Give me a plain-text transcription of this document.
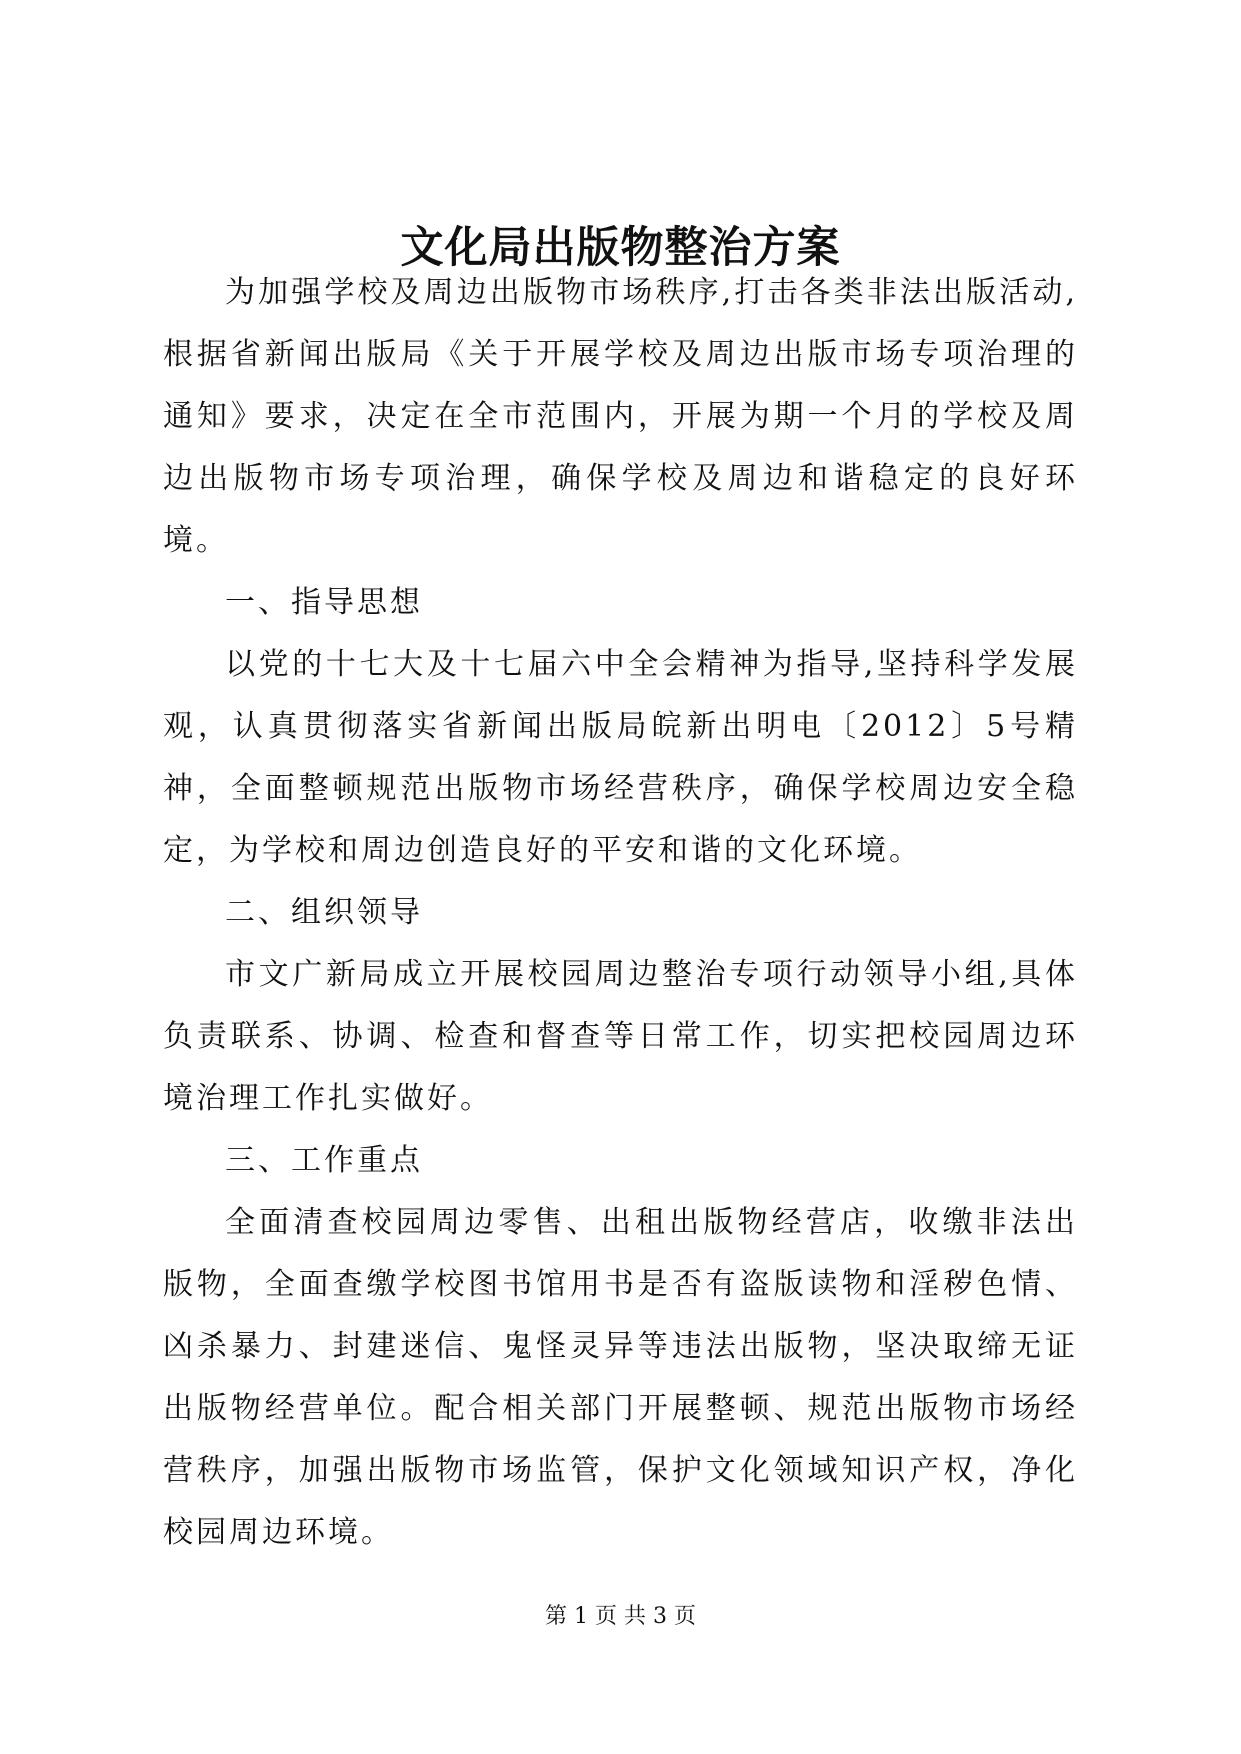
文化局出版物整治方案

为加强学校及周边出版物市场秩序,打击各类非法出版活动,根据省新闻出版局《关于开展学校及周边出版市场专项治理的通知》要求，决定在全市范围内，开展为期一个月的学校及周边出版物市场专项治理，确保学校及周边和谐稳定的良好环境。

一、指导思想

以党的十七大及十七届六中全会精神为指导,坚持科学发展观，认真贯彻落实省新闻出版局皖新出明电〔2012〕5号精神，全面整顿规范出版物市场经营秩序，确保学校周边安全稳定，为学校和周边创造良好的平安和谐的文化环境。

二、组织领导

市文广新局成立开展校园周边整治专项行动领导小组,具体负责联系、协调、检查和督查等日常工作，切实把校园周边环境治理工作扎实做好。

三、工作重点

全面清查校园周边零售、出租出版物经营店，收缴非法出版物，全面查缴学校图书馆用书是否有盗版读物和淫秽色情、凶杀暴力、封建迷信、鬼怪灵异等违法出版物，坚决取缔无证出版物经营单位。配合相关部门开展整顿、规范出版物市场经营秩序，加强出版物市场监管，保护文化领域知识产权，净化校园周边环境。

第 1 页 共 3 页
